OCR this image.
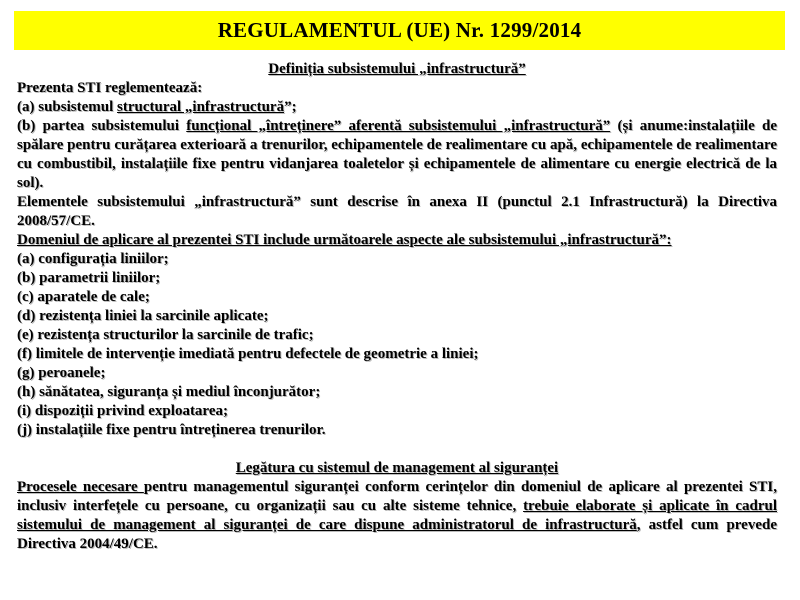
REGULAMENTUL (UE) Nr. 1299/2014

Definiția subsistemului „infrastructură”

Prezenta STI reglementează:

(a) subsistemul structural „infrastructură”;

(b) partea subsistemului funcțional „întreținere” aferentă subsistemului „infrastructură” (și anume:instalațiile de spălare pentru curățarea exterioară a trenurilor, echipamentele de realimentare cu apă, echipamentele de realimentare cu combustibil, instalațiile fixe pentru vidanjarea toaletelor și echipamentele de alimentare cu energie electrică de la sol).

Elementele subsistemului „infrastructură” sunt descrise în anexa II (punctul 2.1 Infrastructură) la Directiva 2008/57/CE.

Domeniul de aplicare al prezentei STI include următoarele aspecte ale subsistemului „infrastructură”:

(a) configurația liniilor;
(b) parametrii liniilor;
(c) aparatele de cale;
(d) rezistența liniei la sarcinile aplicate;
(e) rezistența structurilor la sarcinile de trafic;
(f) limitele de intervenție imediată pentru defectele de geometrie a liniei;
(g) peroanele;
(h) sănătatea, siguranța și mediul înconjurător;
(i) dispoziții privind exploatarea;
(j) instalațiile fixe pentru întreținerea trenurilor.

Legătura cu sistemul de management al siguranței

Procesele necesare pentru managementul siguranței conform cerințelor din domeniul de aplicare al prezentei STI, inclusiv interfețele cu persoane, cu organizații sau cu alte sisteme tehnice, trebuie elaborate și aplicate în cadrul sistemului de management al siguranței de care dispune administratorul de infrastructură, astfel cum prevede Directiva 2004/49/CE.
